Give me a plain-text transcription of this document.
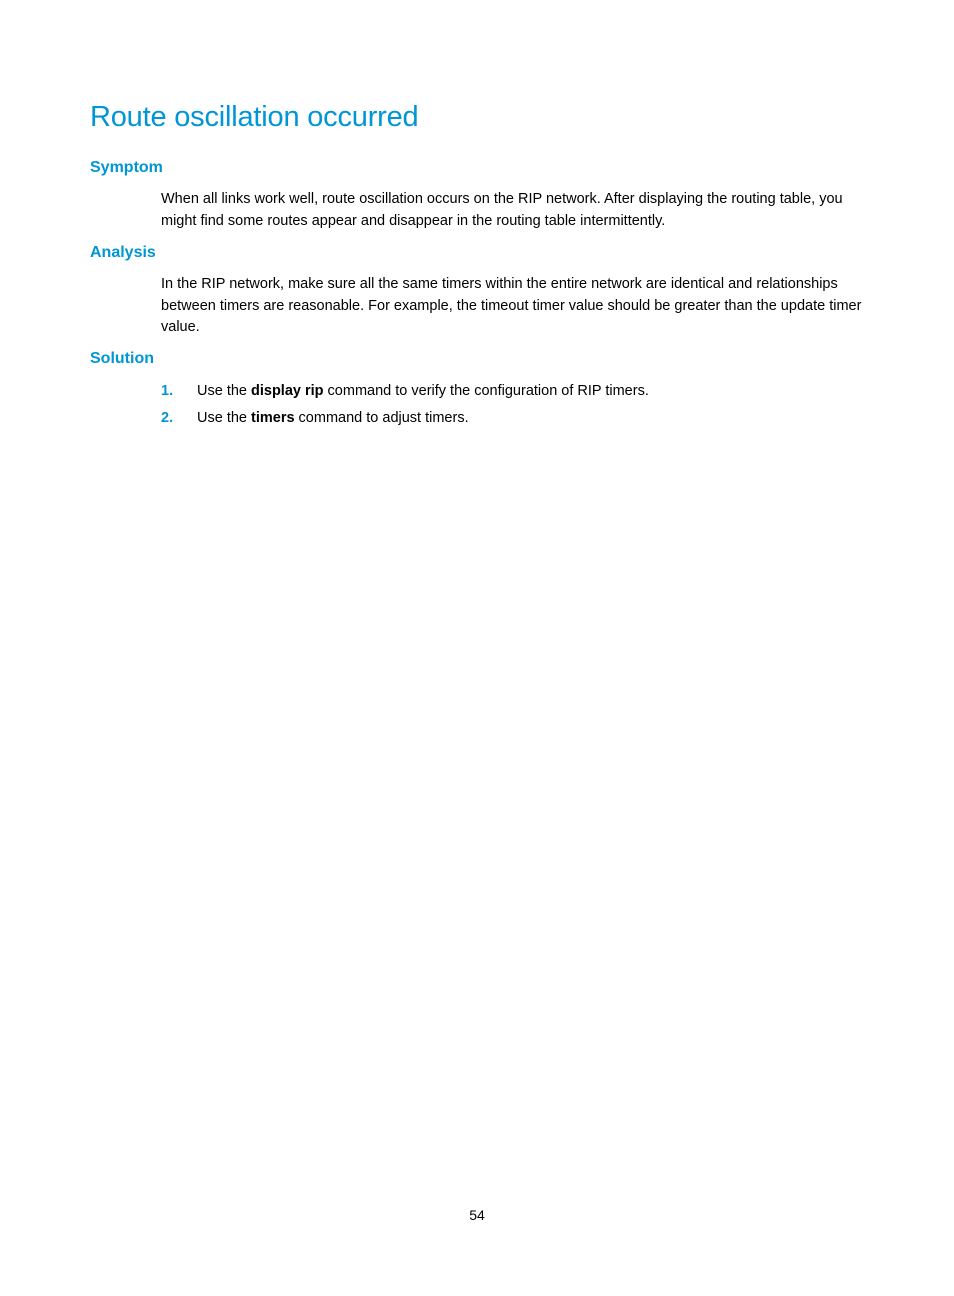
Route oscillation occurred
Symptom

When all links work well, route oscillation occurs on the RIP network. After displaying the routing table, you might find some routes appear and disappear in the routing table intermittently.

Analysis

In the RIP network, make sure all the same timers within the entire network are identical and relationships between timers are reasonable. For example, the timeout timer value should be greater than the update timer value.

Solution
1. Use the display rip command to verify the configuration of RIP timers.
2. Use the timers command to adjust timers.
54
